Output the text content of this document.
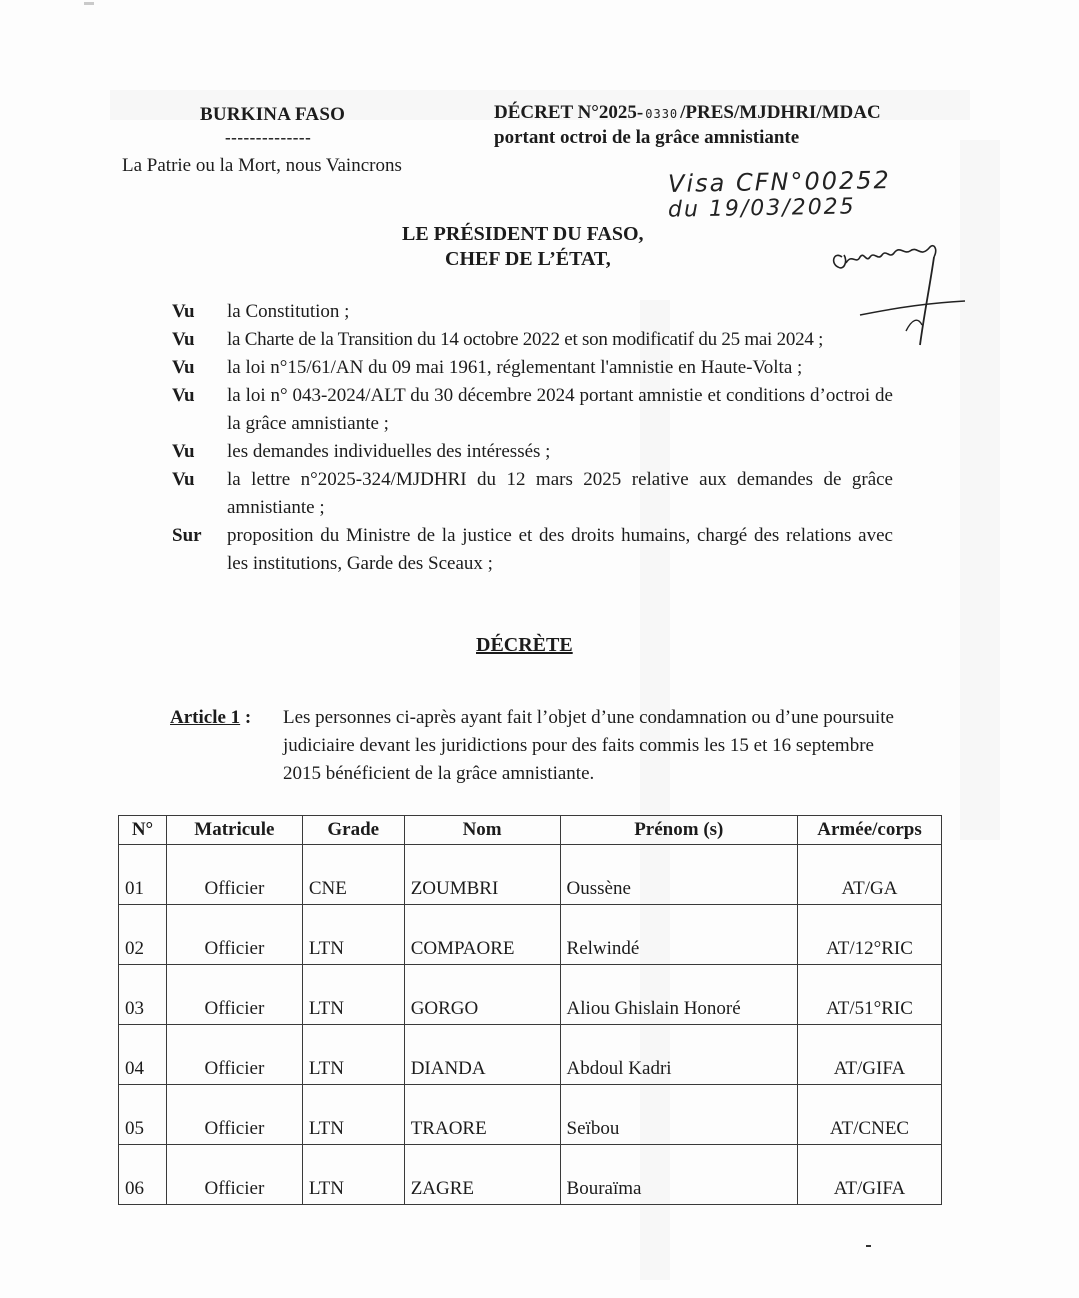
BURKINA FASO
--------------
La Patrie ou la Mort, nous Vaincrons
DÉCRET N°2025- 0330 /PRES/MJDHRI/MDAC
portant octroi de la grâce amnistiante
Visa CFN°00252
du 19/03/2025
LE PRÉSIDENT DU FASO,
CHEF DE L’ÉTAT,
Vu	la Constitution ;
Vu	la Charte de la Transition du 14 octobre 2022 et son modificatif du 25 mai 2024 ;
Vu	la loi n°15/61/AN du 09 mai 1961, réglementant l'amnistie en Haute-Volta ;
Vu	la loi n° 043-2024/ALT du 30 décembre 2024 portant amnistie et conditions d’octroi de la grâce amnistiante ;
Vu	les demandes individuelles des intéressés ;
Vu	la lettre n°2025-324/MJDHRI du 12 mars 2025 relative aux demandes de grâce amnistiante ;
Sur	proposition du Ministre de la justice et des droits humains, chargé des relations avec les institutions, Garde des Sceaux ;
DÉCRÈTE
Article 1 :	Les personnes ci-après ayant fait l’objet d’une condamnation ou d’une poursuite judiciaire devant les juridictions pour des faits commis les 15 et 16 septembre 2015 bénéficient de la grâce amnistiante.
N°	Matricule	Grade	Nom	Prénom (s)	Armée/corps
01	Officier	CNE	ZOUMBRI	Oussène	AT/GA
02	Officier	LTN	COMPAORE	Relwindé	AT/12°RIC
03	Officier	LTN	GORGO	Aliou Ghislain Honoré	AT/51°RIC
04	Officier	LTN	DIANDA	Abdoul Kadri	AT/GIFA
05	Officier	LTN	TRAORE	Seïbou	AT/CNEC
06	Officier	LTN	ZAGRE	Bouraïma	AT/GIFA
